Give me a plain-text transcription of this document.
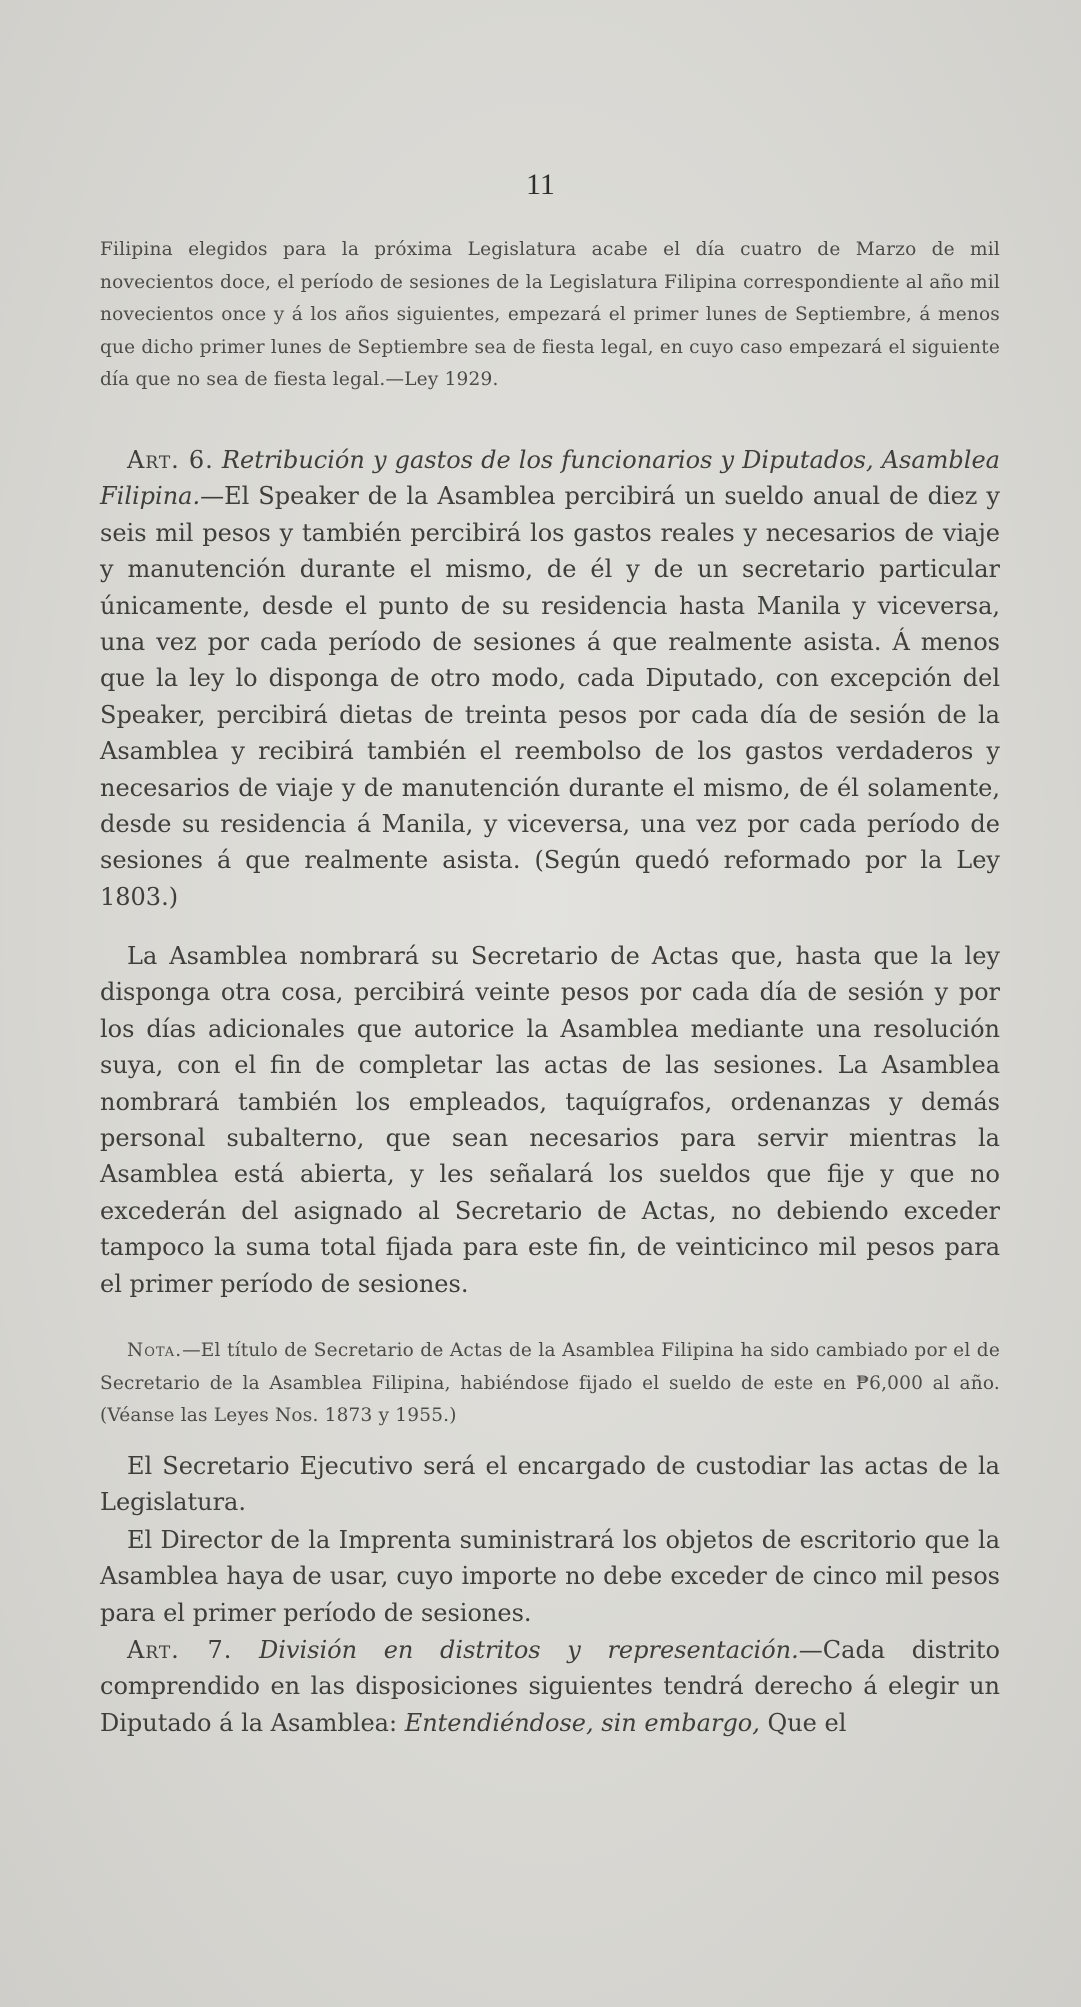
11

Filipina elegidos para la próxima Legislatura acabe el día cuatro de Marzo de mil novecientos doce, el período de sesiones de la Legislatura Filipina correspondiente al año mil novecientos once y á los años siguientes, empezará el primer lunes de Septiembre, á menos que dicho primer lunes de Septiembre sea de fiesta legal, en cuyo caso empezará el siguiente día que no sea de fiesta legal.—Ley 1929.

Art. 6. Retribución y gastos de los funcionarios y Diputados, Asamblea Filipina.—El Speaker de la Asamblea percibirá un sueldo anual de diez y seis mil pesos y también percibirá los gastos reales y necesarios de viaje y manutención durante el mismo, de él y de un secretario particular únicamente, desde el punto de su residencia hasta Manila y viceversa, una vez por cada período de sesiones á que realmente asista. Á menos que la ley lo disponga de otro modo, cada Diputado, con excepción del Speaker, percibirá dietas de treinta pesos por cada día de sesión de la Asamblea y recibirá también el reembolso de los gastos verdaderos y necesarios de viaje y de manutención durante el mismo, de él solamente, desde su residencia á Manila, y viceversa, una vez por cada período de sesiones á que realmente asista. (Según quedó reformado por la Ley 1803.)

La Asamblea nombrará su Secretario de Actas que, hasta que la ley disponga otra cosa, percibirá veinte pesos por cada día de sesión y por los días adicionales que autorice la Asamblea mediante una resolución suya, con el fin de completar las actas de las sesiones. La Asamblea nombrará también los empleados, taquígrafos, ordenanzas y demás personal subalterno, que sean necesarios para servir mientras la Asamblea está abierta, y les señalará los sueldos que fije y que no excederán del asignado al Secretario de Actas, no debiendo exceder tampoco la suma total fijada para este fin, de veinticinco mil pesos para el primer período de sesiones.

Nota.—El título de Secretario de Actas de la Asamblea Filipina ha sido cambiado por el de Secretario de la Asamblea Filipina, habiéndose fijado el sueldo de este en ₱6,000 al año. (Véanse las Leyes Nos. 1873 y 1955.)

El Secretario Ejecutivo será el encargado de custodiar las actas de la Legislatura.

El Director de la Imprenta suministrará los objetos de escritorio que la Asamblea haya de usar, cuyo importe no debe exceder de cinco mil pesos para el primer período de sesiones.

Art. 7. División en distritos y representación.—Cada distrito comprendido en las disposiciones siguientes tendrá derecho á elegir un Diputado á la Asamblea: Entendiéndose, sin embargo, Que el
